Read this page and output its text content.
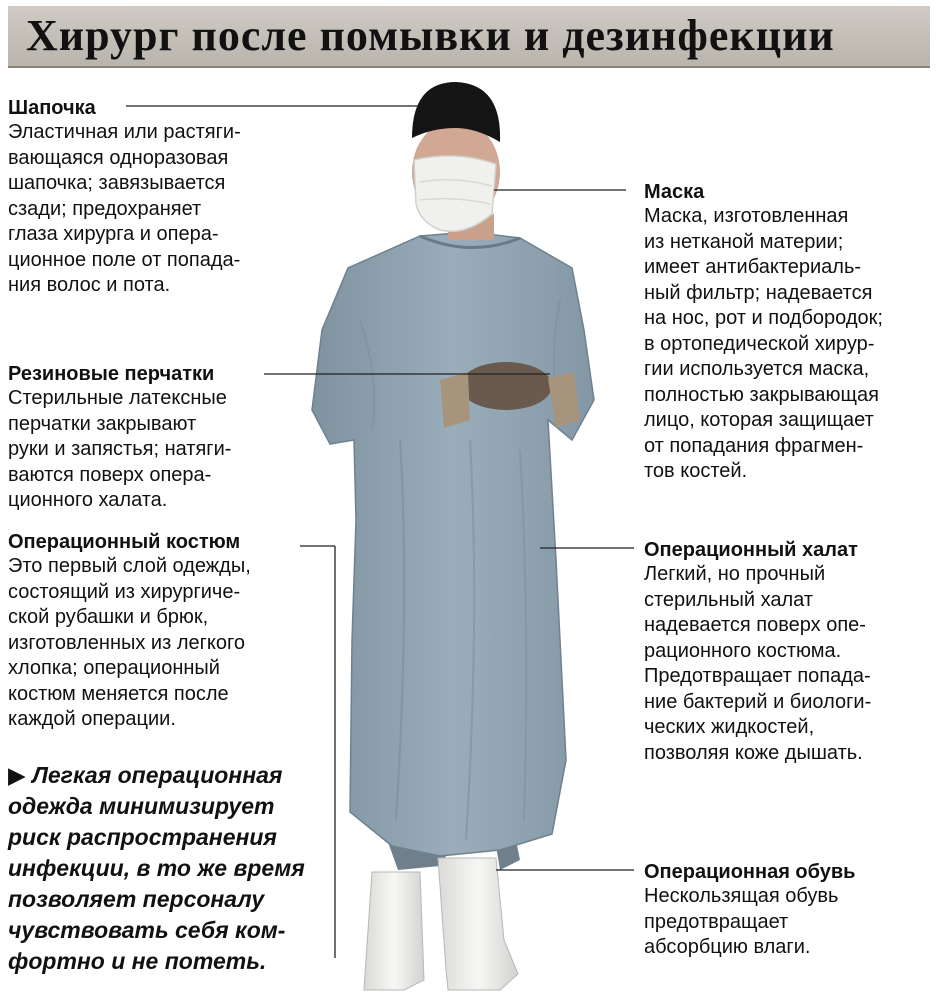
Хирург после помывки и дезинфекции
Шапочка
Эластичная или растяги-
вающаяся одноразовая
шапочка; завязывается
сзади; предохраняет
глаза хирурга и опера-
ционное поле от попада-
ния волос и пота.
Резиновые перчатки
Стерильные латексные
перчатки закрывают
руки и запястья; натяги-
ваются поверх опера-
ционного халата.
Операционный костюм
Это первый слой одежды,
состоящий из хирургиче-
ской рубашки и брюк,
изготовленных из легкого
хлопка; операционный
костюм меняется после
каждой операции.
Маска
Маска, изготовленная
из нетканой материи;
имеет антибактериаль-
ный фильтр; надевается
на нос, рот и подбородок;
в ортопедической хирур-
гии используется маска,
полностью закрывающая
лицо, которая защищает
от попадания фрагмен-
тов костей.
Операционный халат
Легкий, но прочный
стерильный халат
надевается поверх опе-
рационного костюма.
Предотвращает попада-
ние бактерий и биологи-
ческих жидкостей,
позволяя коже дышать.
Операционная обувь
Нескользящая обувь
предотвращает
абсорбцию влаги.
▶ Легкая операционная
одежда минимизирует
риск распространения
инфекции, в то же время
позволяет персоналу
чувствовать себя ком-
фортно и не потеть.
